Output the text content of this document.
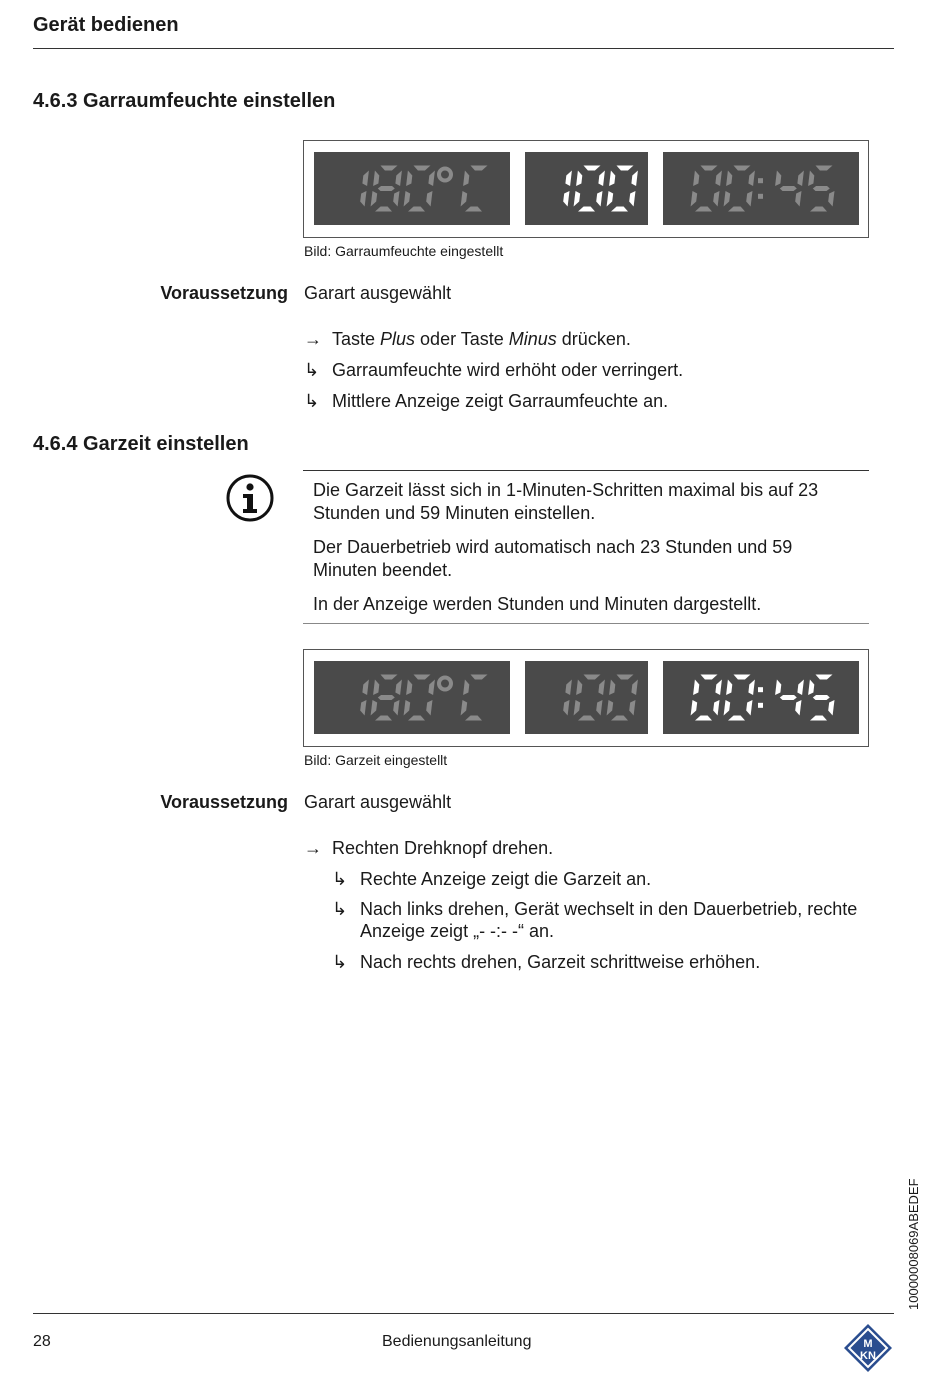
Gerät bedienen
4.6.3 Garraumfeuchte einstellen
Bild: Garraumfeuchte eingestellt
Voraussetzung Garart ausgewählt
→ Taste Plus oder Taste Minus drücken.
↳ Garraumfeuchte wird erhöht oder verringert.
↳ Mittlere Anzeige zeigt Garraumfeuchte an.
4.6.4 Garzeit einstellen
Die Garzeit lässt sich in 1-Minuten-Schritten maximal bis auf 23 Stunden und 59 Minuten einstellen.
Der Dauerbetrieb wird automatisch nach 23 Stunden und 59 Minuten beendet.
In der Anzeige werden Stunden und Minuten dargestellt.
Bild: Garzeit eingestellt
Voraussetzung Garart ausgewählt
→ Rechten Drehknopf drehen.
↳ Rechte Anzeige zeigt die Garzeit an.
↳ Nach links drehen, Gerät wechselt in den Dauerbetrieb, rechte Anzeige zeigt „- -:- -“ an.
↳ Nach rechts drehen, Garzeit schrittweise erhöhen.
10000008069ABEDEF
28	Bedienungsanleitung	M
KN
